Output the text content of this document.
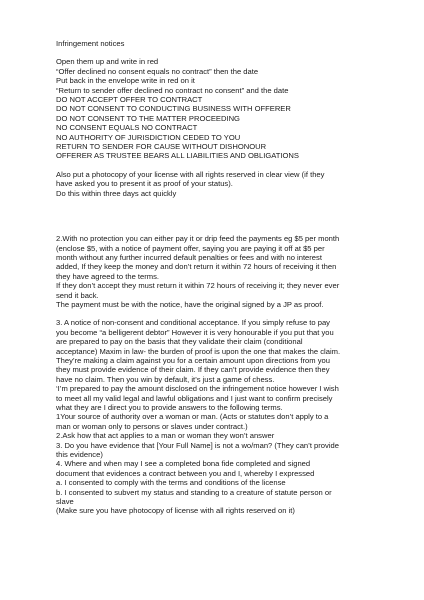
Infringement notices

Open them up and write in red

“Offer declined no consent equals no contract” then the date

Put back in the envelope write in red on it

“Return to sender offer declined no contract no consent” and the date

DO NOT ACCEPT OFFER TO CONTRACT

DO NOT CONSENT TO CONDUCTING BUSINESS WITH OFFERER

DO NOT CONSENT TO THE MATTER PROCEEDING

NO CONSENT EQUALS NO CONTRACT

NO AUTHORITY OF JURISDICTION CEDED TO YOU

RETURN TO SENDER FOR CAUSE WITHOUT DISHONOUR

OFFERER AS TRUSTEE BEARS ALL LIABILITIES AND OBLIGATIONS

Also put a photocopy of your license with all rights reserved in clear view (if they

have asked you to present it as proof of your status).

Do this within three days act quickly

2.With no protection you can either pay it or drip feed the payments eg $5 per month

(enclose $5, with a notice of payment offer, saying you are paying it off at $5 per

month without any further incurred default penalties or fees and with no interest

added, If they keep the money and don’t return it within 72 hours of receiving it then

they have agreed to the terms.

If they don’t accept they must return it within 72 hours of receiving it; they never ever

send it back.

The payment must be with the notice, have the original signed by a JP as proof.

3. A notice of non-consent and conditional acceptance. If you simply refuse to pay

you become “a belligerent debtor” However it is very honourable if you put that you

are prepared to pay on the basis that they validate their claim (conditional

acceptance) Maxim in law- the burden of proof is upon the one that makes the claim.

They’re making a claim against you for a certain amount upon directions from you

they must provide evidence of their claim. If they can’t provide evidence then they

have no claim. Then you win by default, it’s just a game of chess.

‘I’m prepared to pay the amount disclosed on the infringement notice however I wish

to meet all my valid legal and lawful obligations and I just want to confirm precisely

what they are I direct you to provide answers to the following terms.

1Your source of authority over a woman or man. (Acts or statutes don’t apply to a

man or woman only to persons or slaves under contract.)

2.Ask how that act applies to a man or woman they won’t answer

3. Do you have evidence that [Your Full Name] is not a wo/man? (They can’t provide

this evidence)

4. Where and when may I see a completed bona fide completed and signed

document that evidences a contract between you and I, whereby I expressed

a. I consented to comply with the terms and conditions of the license

b. I consented to subvert my status and standing to a creature of statute person or

slave

(Make sure you have photocopy of license with all rights reserved on it)
